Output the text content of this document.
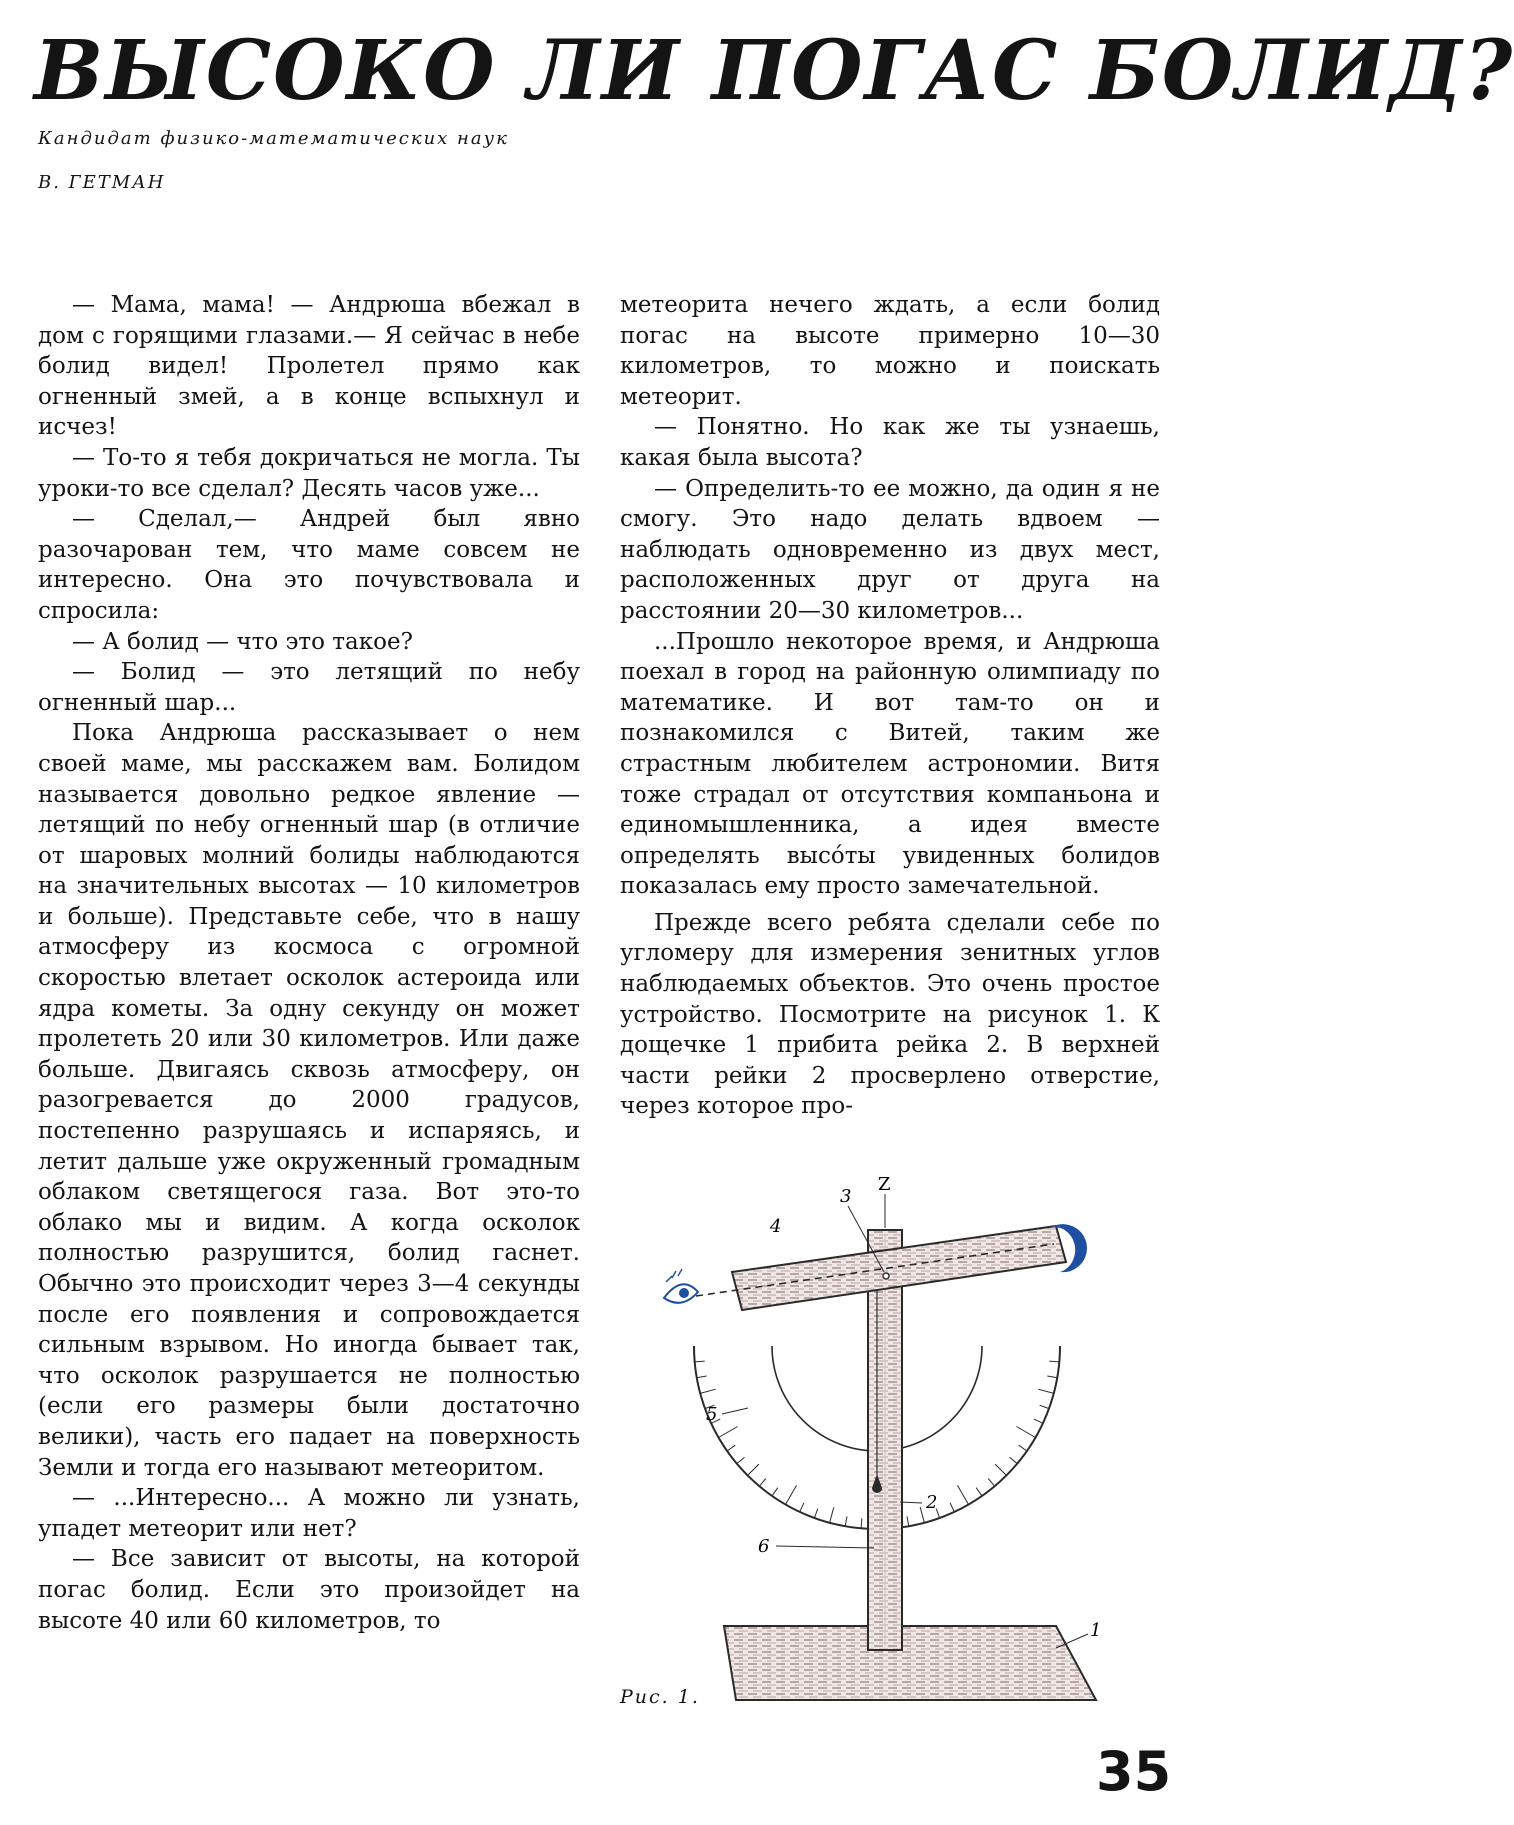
ВЫСОКО ЛИ ПОГАС БОЛИД?
Кандидат физико-математических наук
В. ГЕТМАН

— Мама, мама! — Андрюша вбежал в дом с горящими глазами.— Я сейчас в небе болид видел! Пролетел прямо как огненный змей, а в конце вспыхнул и исчез!

— То-то я тебя докричаться не могла. Ты уроки-то все сделал? Десять часов уже...

— Сделал,— Андрей был явно разочарован тем, что маме совсем не интересно. Она это почувствовала и спросила:

— А болид — что это такое?

— Болид — это летящий по небу огненный шар...

Пока Андрюша рассказывает о нем своей маме, мы расскажем вам. Болидом называется довольно редкое явление — летящий по небу огненный шар (в отличие от шаровых молний болиды наблюдаются на значительных высотах — 10 километров и больше). Представьте себе, что в нашу атмосферу из космоса с огромной скоростью влетает осколок астероида или ядра кометы. За одну секунду он может пролететь 20 или 30 километров. Или даже больше. Двигаясь сквозь атмосферу, он разогревается до 2000 градусов, постепенно разрушаясь и испаряясь, и летит дальше уже окруженный громадным облаком светящегося газа. Вот это-то облако мы и видим. А когда осколок полностью разрушится, болид гаснет. Обычно это происходит через 3—4 секунды после его появления и сопровождается сильным взрывом. Но иногда бывает так, что осколок разрушается не полностью (если его размеры были достаточно велики), часть его падает на поверхность Земли и тогда его называют метеоритом.

— ...Интересно... А можно ли узнать, упадет метеорит или нет?

— Все зависит от высоты, на которой погас болид. Если это произойдет на высоте 40 или 60 километров, то

метеорита нечего ждать, а если болид погас на высоте примерно 10—30 километров, то можно и поискать метеорит.

— Понятно. Но как же ты узнаешь, какая была высота?

— Определить-то ее можно, да один я не смогу. Это надо делать вдвоем — наблюдать одновременно из двух мест, расположенных друг от друга на расстоянии 20—30 километров...

...Прошло некоторое время, и Андрюша поехал в город на районную олимпиаду по математике. И вот там-то он и познакомился с Витей, таким же страстным любителем астрономии. Витя тоже страдал от отсутствия компаньона и единомышленника, а идея вместе определять высóты увиденных болидов показалась ему просто замечательной.

Прежде всего ребята сделали себе по угломеру для измерения зенитных углов наблюдаемых объектов. Это очень простое устройство. Посмотрите на рисунок 1. К дощечке 1 прибита рейка 2. В верхней части рейки 2 просверлено отверстие, через которое про-

Z
3
4
5
2
6
1
Рис. 1.
35
